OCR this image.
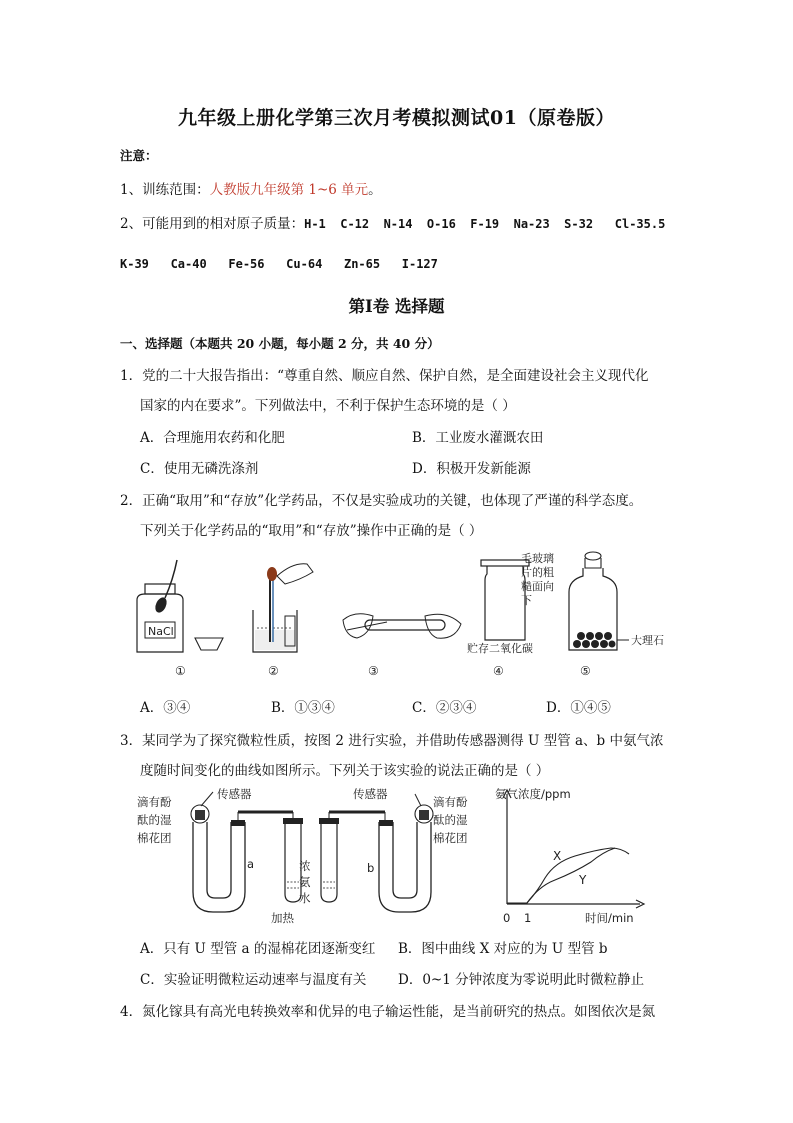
九年级上册化学第三次月考模拟测试01（原卷版）
注意：
1、训练范围：人教版九年级第 1~6 单元。
2、可能用到的相对原子质量：H-1  C-12  N-14  O-16  F-19  Na-23  S-32   Cl-35.5
K-39   Ca-40   Fe-56   Cu-64   Zn-65   I-127
第Ⅰ卷 选择题
一、选择题（本题共 20 小题，每小题 2 分，共 40 分）
1．党的二十大报告指出：“尊重自然、顺应自然、保护自然，是全面建设社会主义现代化
国家的内在要求”。下列做法中，不利于保护生态环境的是（ ）
A．合理施用农药和化肥	B．工业废水灌溉农田
C．使用无磷洗涤剂	D．积极开发新能源
2．正确“取用”和“存放”化学药品，不仅是实验成功的关键，也体现了严谨的科学态度。
下列关于化学药品的“取用”和“存放”操作中正确的是（ ）
NaCl
①	②	③
毛玻璃
片的粗
糙面向
下
贮存二氧化碳
④
大理石
⑤
A．③④	B．①③④	C．②③④	D．①④⑤
3．某同学为了探究微粒性质，按图 2 进行实验，并借助传感器测得 U 型管 a、b 中氨气浓
度随时间变化的曲线如图所示。下列关于该实验的说法正确的是（ ）
滴有酚
酞的湿
棉花团
传感器
a	浓
氨
水
加热
传感器
b
滴有酚
酞的湿
棉花团
氨气浓度/ppm
时间/min
0 1
X
Y
A．只有 U 型管 a 的湿棉花团逐渐变红 B．图中曲线 X 对应的为 U 型管 b
C．实验证明微粒运动速率与温度有关 D．0~1 分钟浓度为零说明此时微粒静止
4．氮化镓具有高光电转换效率和优异的电子输运性能，是当前研究的热点。如图依次是氮
